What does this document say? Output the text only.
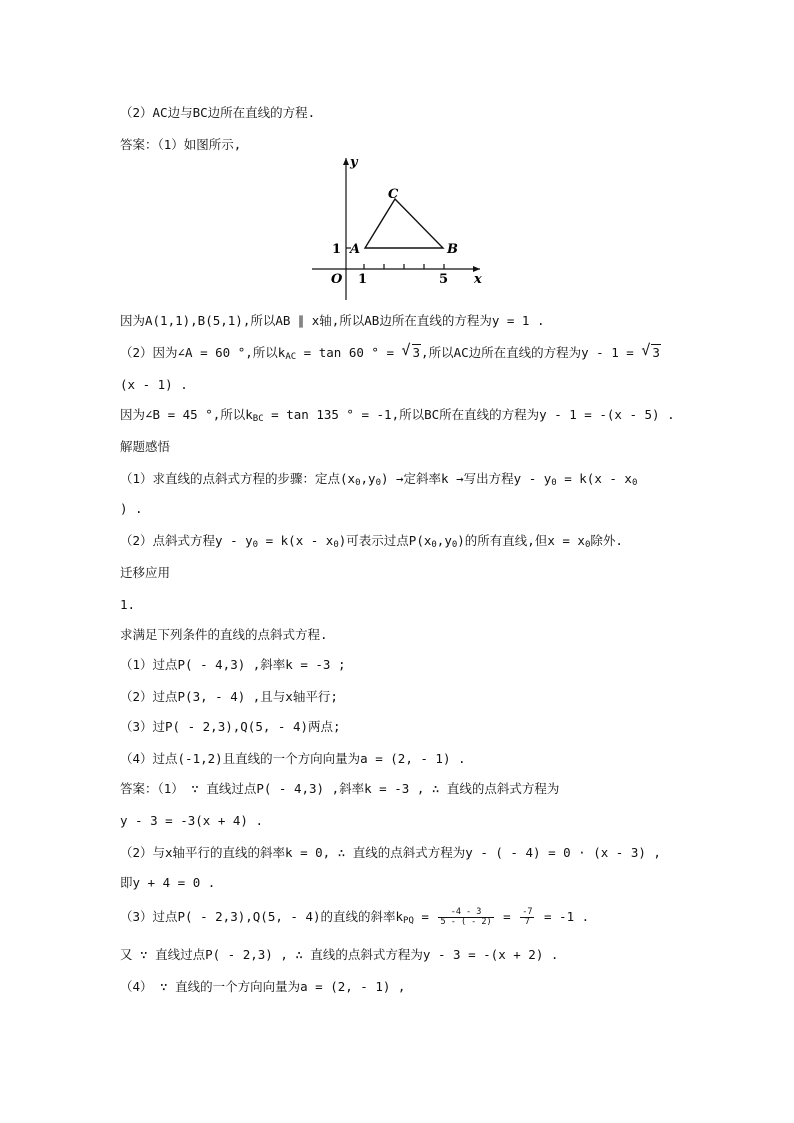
（2）AC边与BC边所在直线的方程.
答案：（1）如图所示,
y
x
O
1
1	5
A	B
C
因为A(1,1),B(5,1),所以AB ∥ x轴,所以AB边所在直线的方程为y = 1 .
（2）因为∠A = 60 °,所以$k_{AC} = \tan 60$ ° = √ 3,所以AC边所在直线的方程为y - 1 = √ 3
(x - 1) .
因为∠B = 45 °,所以$k_{BC} = \tan 135$ ° = -1,所以BC所在直线的方程为y - 1 = -(x - 5) .
解题感悟
（1）求直线的点斜式方程的步骤：定点$(x_0,y_0)$ →定斜率k →写出方程$y - y_0 = k(x - x_0$
) .
（2）点斜式方程$y - y_0 = k(x - x_0)$可表示过点$P(x_0,y_0)$的所有直线,但$x = x_0$除外.
迁移应用
1.
求满足下列条件的直线的点斜式方程.
（1）过点P( - 4,3) ,斜率k = -3 ;
（2）过点P(3, - 4) ,且与x轴平行;
（3）过P( - 2,3),Q(5, - 4)两点;
（4）过点(-1,2)且直线的一个方向向量为a = (2, - 1) .
答案：（1） ∵ 直线过点P( - 4,3) ,斜率k = -3 , ∴ 直线的点斜式方程为
y - 3 = -3(x + 4) .
（2）与x轴平行的直线的斜率k = 0, ∴ 直线的点斜式方程为y - ( - 4) = 0 · (x - 3) ,
即y + 4 = 0 .
（3）过点P( - 2,3),Q(5, - 4)的直线的斜率$k_{PQ} = \frac{-4 - 3}{5 - ( - 2)} = \frac{-7}{7} = -1$ .
又 ∵ 直线过点P( - 2,3) , ∴ 直线的点斜式方程为y - 3 = -(x + 2) .
（4） ∵ 直线的一个方向向量为a = (2, - 1) ,
